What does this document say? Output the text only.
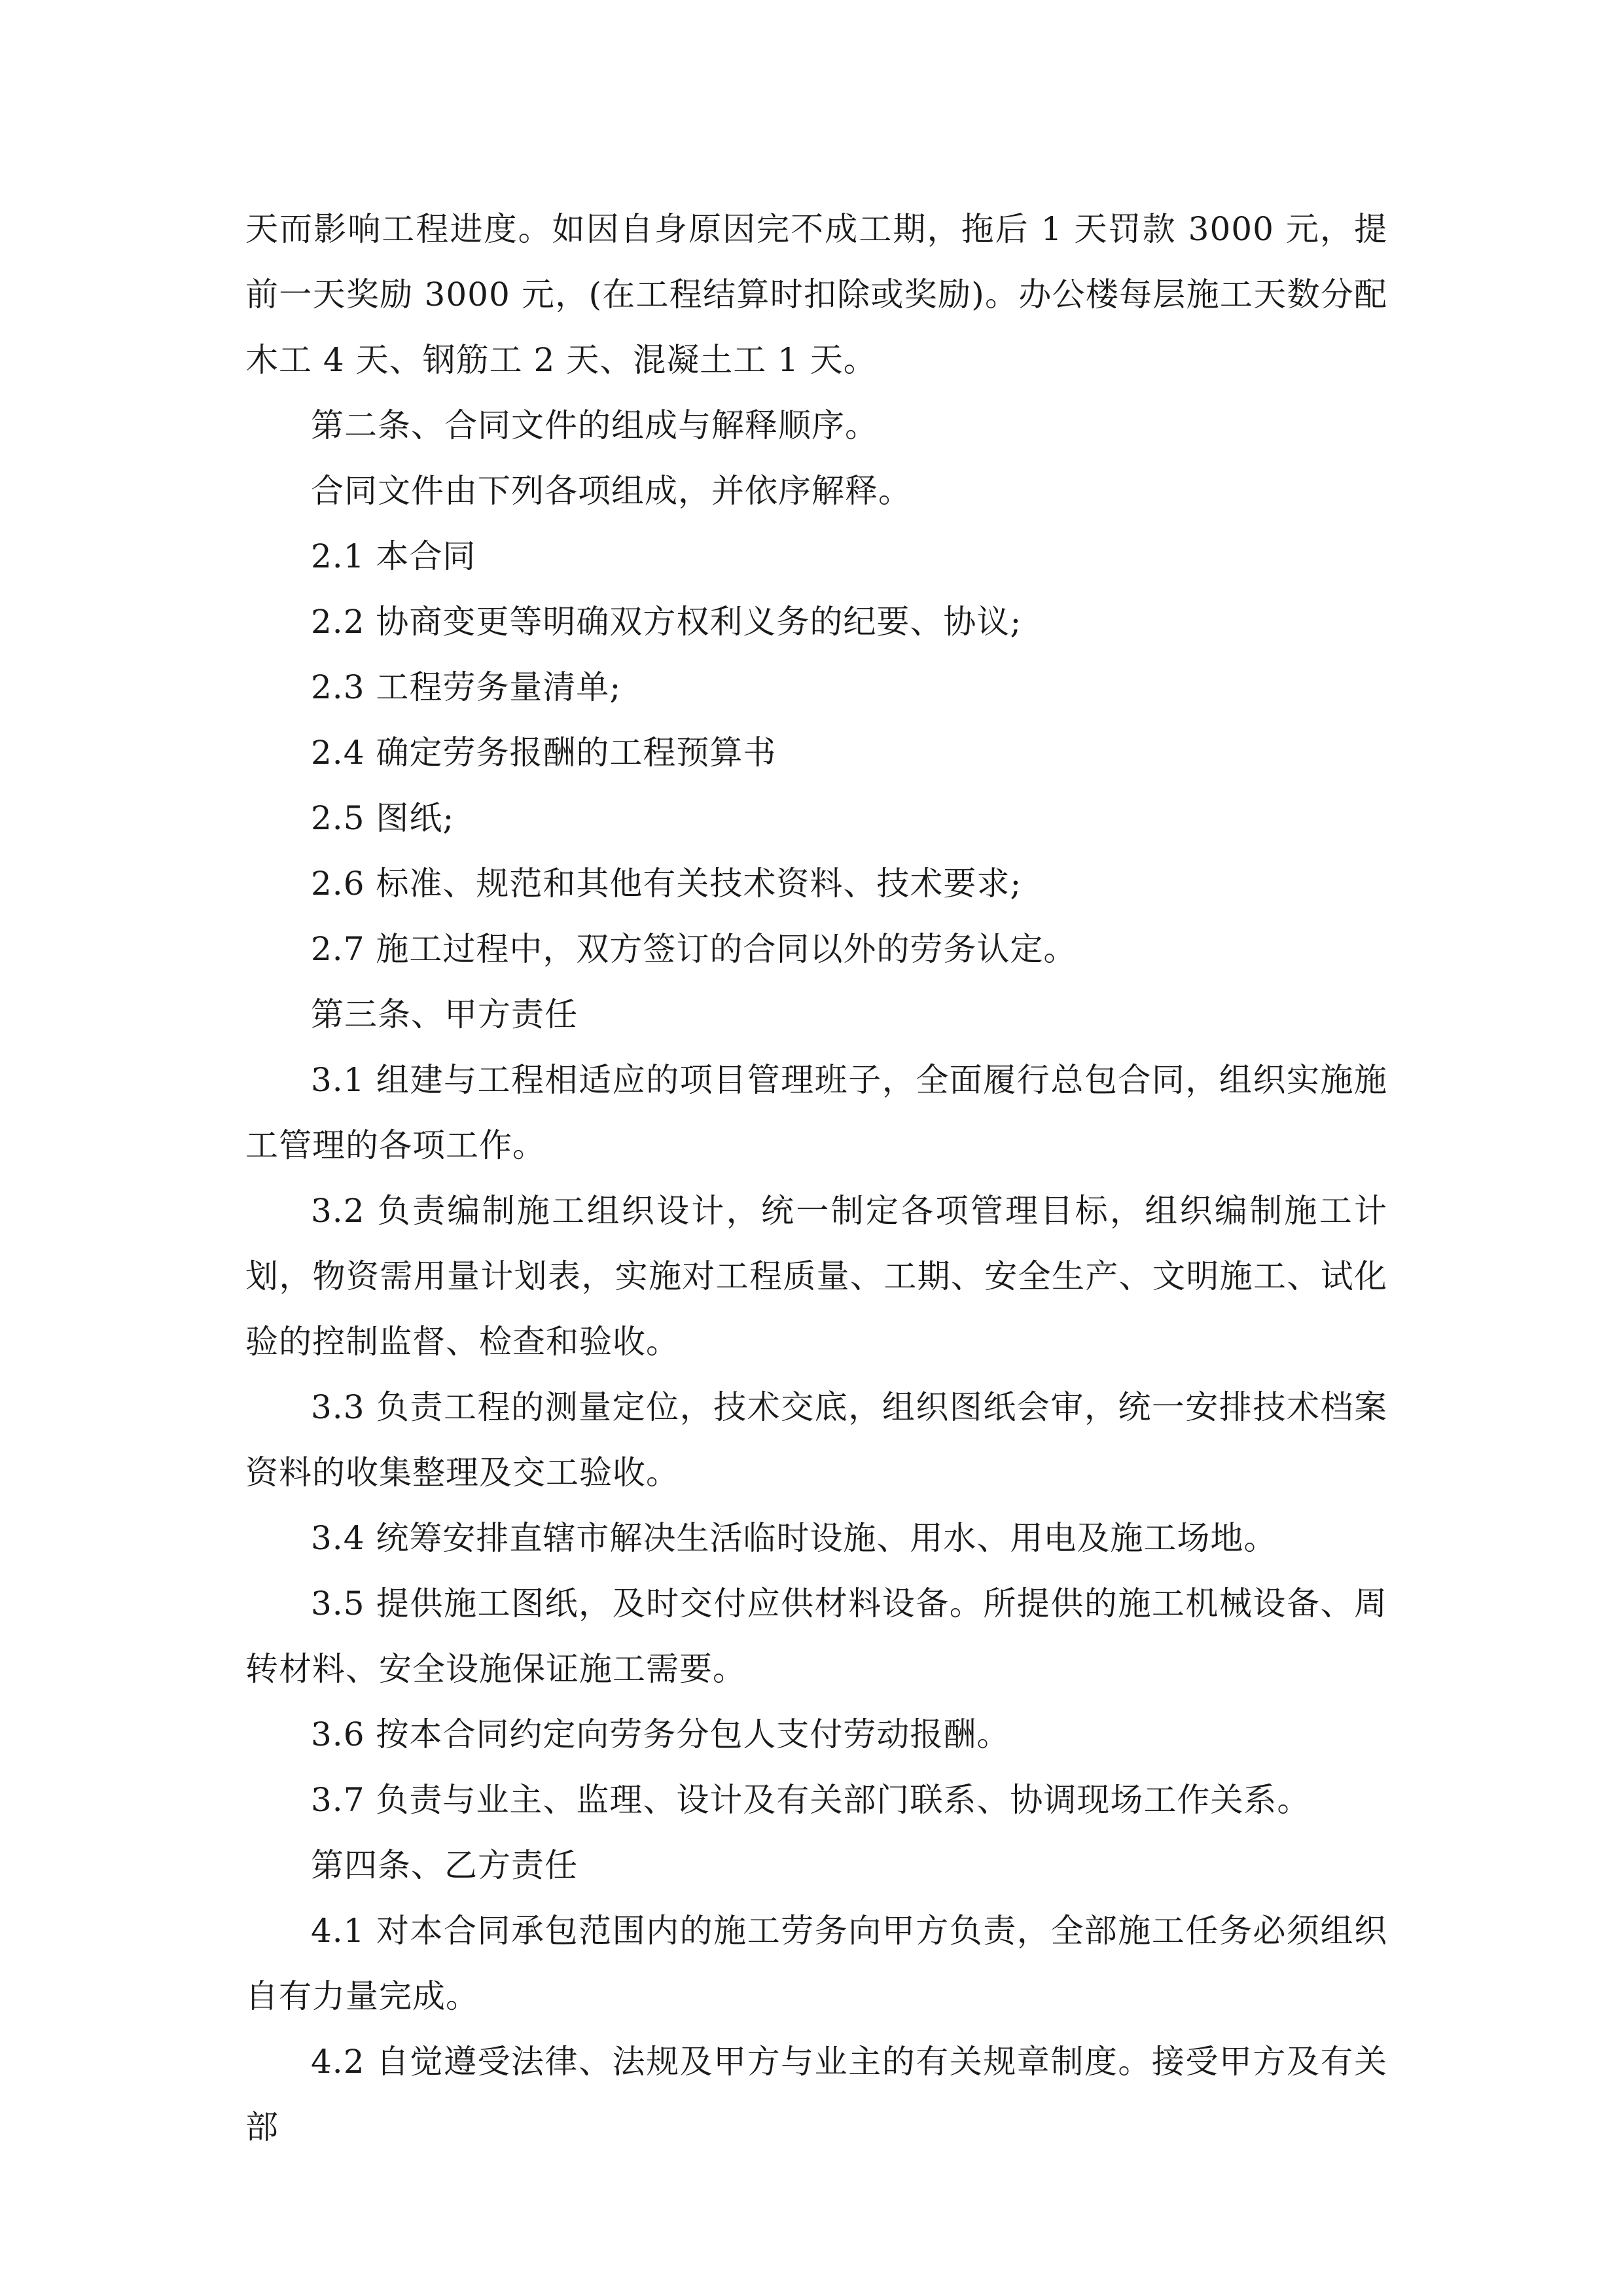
天而影响工程进度。如因自身原因完不成工期，拖后 1 天罚款 3000 元，提前一天奖励 3000 元，(在工程结算时扣除或奖励)。办公楼每层施工天数分配木工 4 天、钢筋工 2 天、混凝土工 1 天。

第二条、合同文件的组成与解释顺序。

合同文件由下列各项组成，并依序解释。

2.1 本合同

2.2 协商变更等明确双方权利义务的纪要、协议;

2.3 工程劳务量清单;

2.4 确定劳务报酬的工程预算书

2.5 图纸;

2.6 标准、规范和其他有关技术资料、技术要求;

2.7 施工过程中，双方签订的合同以外的劳务认定。

第三条、甲方责任

3.1 组建与工程相适应的项目管理班子，全面履行总包合同，组织实施施工管理的各项工作。

3.2 负责编制施工组织设计，统一制定各项管理目标，组织编制施工计划，物资需用量计划表，实施对工程质量、工期、安全生产、文明施工、试化验的控制监督、检查和验收。

3.3 负责工程的测量定位，技术交底，组织图纸会审，统一安排技术档案资料的收集整理及交工验收。

3.4 统筹安排直辖市解决生活临时设施、用水、用电及施工场地。

3.5 提供施工图纸，及时交付应供材料设备。所提供的施工机械设备、周转材料、安全设施保证施工需要。

3.6 按本合同约定向劳务分包人支付劳动报酬。

3.7 负责与业主、监理、设计及有关部门联系、协调现场工作关系。

第四条、乙方责任

4.1 对本合同承包范围内的施工劳务向甲方负责，全部施工任务必须组织自有力量完成。

4.2 自觉遵受法律、法规及甲方与业主的有关规章制度。接受甲方及有关部
